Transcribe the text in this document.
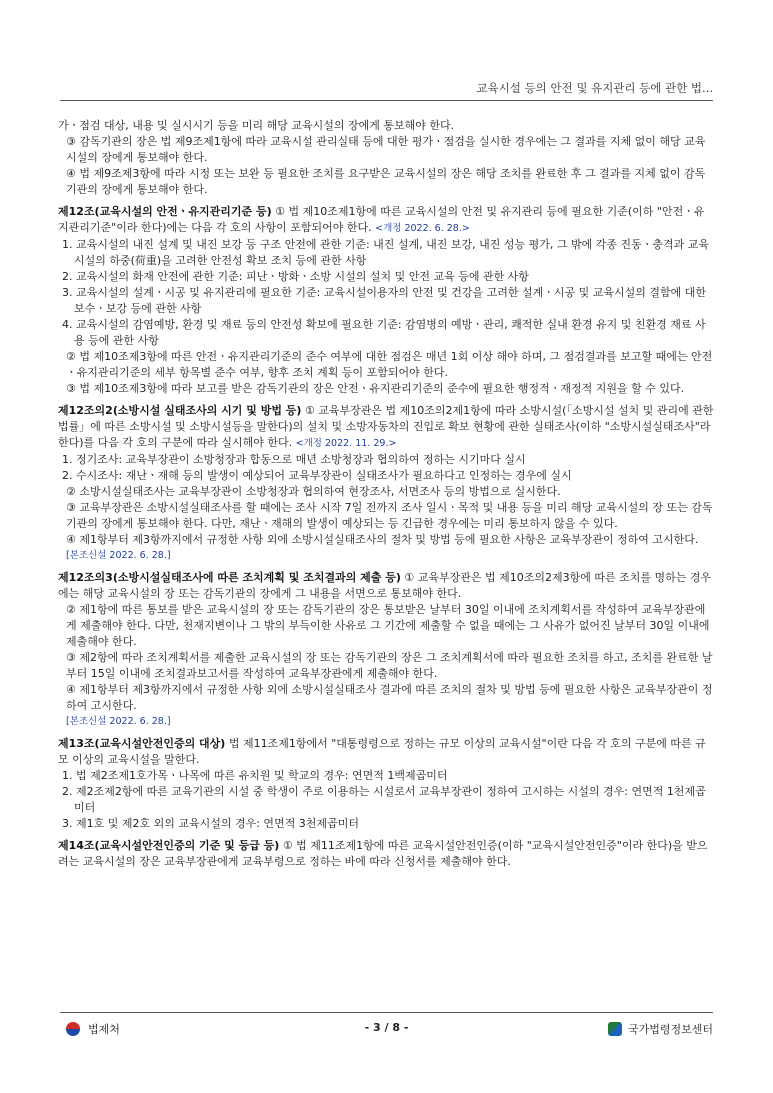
교육시설 등의 안전 및 유지관리 등에 관한 법...

가ㆍ점검 대상, 내용 및 실시시기 등을 미리 해당 교육시설의 장에게 통보해야 한다.

③ 감독기관의 장은 법 제9조제1항에 따라 교육시설 관리실태 등에 대한 평가ㆍ점검을 실시한 경우에는 그 결과를 지체 없이 해당 교육시설의 장에게 통보해야 한다.

④ 법 제9조제3항에 따라 시정 또는 보완 등 필요한 조치를 요구받은 교육시설의 장은 해당 조치를 완료한 후 그 결과를 지체 없이 감독기관의 장에게 통보해야 한다.

제12조(교육시설의 안전ㆍ유지관리기준 등) ① 법 제10조제1항에 따른 교육시설의 안전 및 유지관리 등에 필요한 기준(이하 "안전ㆍ유지관리기준"이라 한다)에는 다음 각 호의 사항이 포함되어야 한다. <개정 2022. 6. 28.>

1. 교육시설의 내진 설계 및 내진 보강 등 구조 안전에 관한 기준: 내진 설계, 내진 보강, 내진 성능 평가, 그 밖에 각종 진동ㆍ충격과 교육시설의 하중(荷重)을 고려한 안전성 확보 조치 등에 관한 사항

2. 교육시설의 화재 안전에 관한 기준: 피난ㆍ방화ㆍ소방 시설의 설치 및 안전 교육 등에 관한 사항

3. 교육시설의 설계ㆍ시공 및 유지관리에 필요한 기준: 교육시설이용자의 안전 및 건강을 고려한 설계ㆍ시공 및 교육시설의 결함에 대한 보수ㆍ보강 등에 관한 사항

4. 교육시설의 감염예방, 환경 및 재료 등의 안전성 확보에 필요한 기준: 감염병의 예방ㆍ관리, 쾌적한 실내 환경 유지 및 친환경 재료 사용 등에 관한 사항

② 법 제10조제3항에 따른 안전ㆍ유지관리기준의 준수 여부에 대한 점검은 매년 1회 이상 해야 하며, 그 점검결과를 보고할 때에는 안전ㆍ유지관리기준의 세부 항목별 준수 여부, 향후 조치 계획 등이 포함되어야 한다.

③ 법 제10조제3항에 따라 보고를 받은 감독기관의 장은 안전ㆍ유지관리기준의 준수에 필요한 행정적ㆍ재정적 지원을 할 수 있다.

제12조의2(소방시설 실태조사의 시기 및 방법 등) ① 교육부장관은 법 제10조의2제1항에 따라 소방시설(「소방시설 설치 및 관리에 관한 법률」에 따른 소방시설 및 소방시설등을 말한다)의 설치 및 소방자동차의 진입로 확보 현황에 관한 실태조사(이하 "소방시설실태조사"라 한다)를 다음 각 호의 구분에 따라 실시해야 한다. <개정 2022. 11. 29.>

1. 정기조사: 교육부장관이 소방청장과 합동으로 매년 소방청장과 협의하여 정하는 시기마다 실시

2. 수시조사: 재난ㆍ재해 등의 발생이 예상되어 교육부장관이 실태조사가 필요하다고 인정하는 경우에 실시

② 소방시설실태조사는 교육부장관이 소방청장과 협의하여 현장조사, 서면조사 등의 방법으로 실시한다.

③ 교육부장관은 소방시설실태조사를 할 때에는 조사 시작 7일 전까지 조사 일시ㆍ목적 및 내용 등을 미리 해당 교육시설의 장 또는 감독기관의 장에게 통보해야 한다. 다만, 재난ㆍ재해의 발생이 예상되는 등 긴급한 경우에는 미리 통보하지 않을 수 있다.

④ 제1항부터 제3항까지에서 규정한 사항 외에 소방시설실태조사의 절차 및 방법 등에 필요한 사항은 교육부장관이 정하여 고시한다.

[본조신설 2022. 6. 28.]

제12조의3(소방시설실태조사에 따른 조치계획 및 조치결과의 제출 등) ① 교육부장관은 법 제10조의2제3항에 따른 조치를 명하는 경우에는 해당 교육시설의 장 또는 감독기관의 장에게 그 내용을 서면으로 통보해야 한다.

② 제1항에 따른 통보를 받은 교육시설의 장 또는 감독기관의 장은 통보받은 날부터 30일 이내에 조치계획서를 작성하여 교육부장관에게 제출해야 한다. 다만, 천재지변이나 그 밖의 부득이한 사유로 그 기간에 제출할 수 없을 때에는 그 사유가 없어진 날부터 30일 이내에 제출해야 한다.

③ 제2항에 따라 조치계획서를 제출한 교육시설의 장 또는 감독기관의 장은 그 조치계획서에 따라 필요한 조치를 하고, 조치를 완료한 날부터 15일 이내에 조치결과보고서를 작성하여 교육부장관에게 제출해야 한다.

④ 제1항부터 제3항까지에서 규정한 사항 외에 소방시설실태조사 결과에 따른 조치의 절차 및 방법 등에 필요한 사항은 교육부장관이 정하여 고시한다.

[본조신설 2022. 6. 28.]

제13조(교육시설안전인증의 대상) 법 제11조제1항에서 "대통령령으로 정하는 규모 이상의 교육시설"이란 다음 각 호의 구분에 따른 규모 이상의 교육시설을 말한다.

1. 법 제2조제1호가목ㆍ나목에 따른 유치원 및 학교의 경우: 연면적 1백제곱미터

2. 제2조제2항에 따른 교육기관의 시설 중 학생이 주로 이용하는 시설로서 교육부장관이 정하여 고시하는 시설의 경우: 연면적 1천제곱미터

3. 제1호 및 제2호 외의 교육시설의 경우: 연면적 3천제곱미터

제14조(교육시설안전인증의 기준 및 등급 등) ① 법 제11조제1항에 따른 교육시설안전인증(이하 "교육시설안전인증"이라 한다)을 받으려는 교육시설의 장은 교육부장관에게 교육부령으로 정하는 바에 따라 신청서를 제출해야 한다.

법제처	- 3 / 8 -	국가법령정보센터
